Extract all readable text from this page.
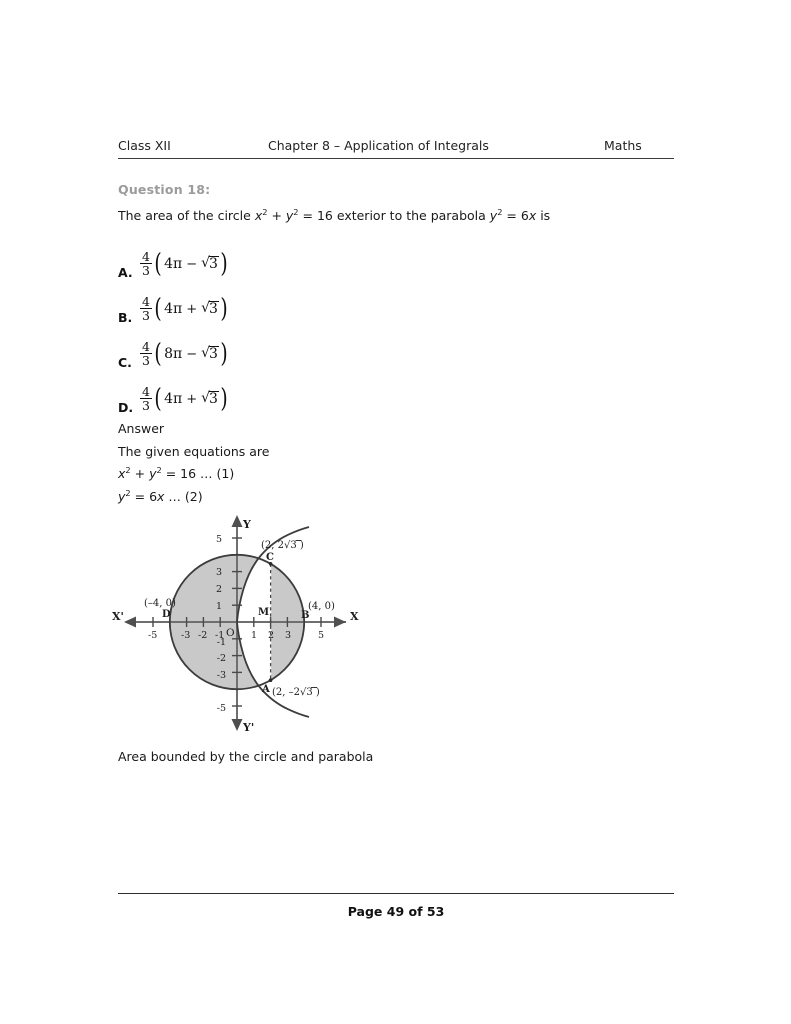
Class XII	Chapter 8 – Application of Integrals	Maths
Question 18:
The area of the circle $x^2 + y^2 = 16$ exterior to the parabola $y^2 = 6x$ is
A. $\frac{4}{3}$ ( 4π − √ 3 )
B. $\frac{4}{3}$ ( 4π + √ 3 )
C. $\frac{4}{3}$ ( 8π − √ 3 )
D. $\frac{4}{3}$ ( 4π + √ 3 )
Answer
The given equations are
$x^2 + y^2 = 16$ … (1)
$y^2 = 6x$ … (2)
Y
Y'
X
X'
O
-5 -3 -2 -1	1 2 3	5
5
3
2
1
-1
-2
-3
-5
D
(–4, 0)
B
(4, 0)
C
(2, 2√3 )
A (2, –2√3 )
M
Area bounded by the circle and parabola
Page 49 of 53
